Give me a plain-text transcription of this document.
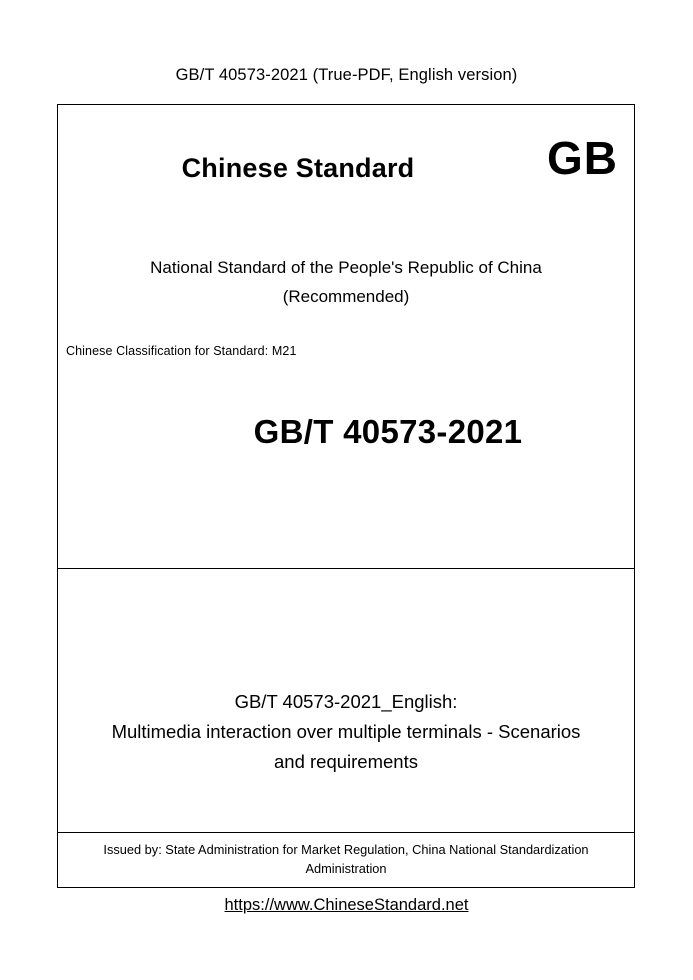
GB/T 40573-2021 (True-PDF, English version)
GB
Chinese Standard
National Standard of the People's Republic of China
(Recommended)
Chinese Classification for Standard: M21
GB/T 40573-2021
GB/T 40573-2021_English:
Multimedia interaction over multiple terminals - Scenarios
and requirements
Issued by: State Administration for Market Regulation, China National Standardization Administration
https://www.ChineseStandard.net
